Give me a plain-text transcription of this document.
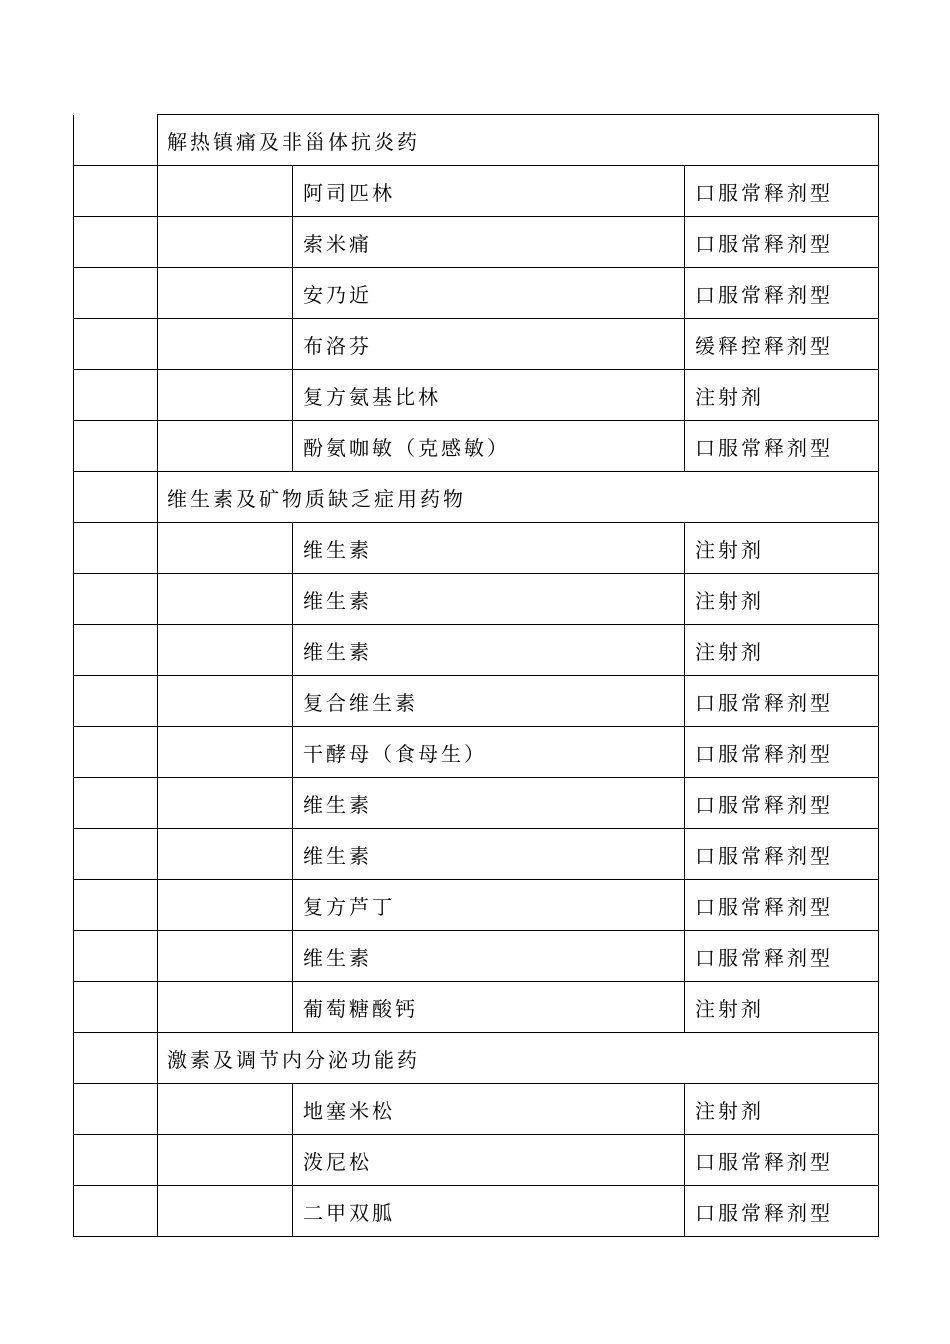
	解热镇痛及非甾体抗炎药		
		阿司匹林	口服常释剂型
		索米痛	口服常释剂型
		安乃近	口服常释剂型
		布洛芬	缓释控释剂型
		复方氨基比林	注射剂
		酚氨咖敏（克感敏）	口服常释剂型
	维生素及矿物质缺乏症用药物		
		维生素	注射剂
		维生素	注射剂
		维生素	注射剂
		复合维生素	口服常释剂型
		干酵母（食母生）	口服常释剂型
		维生素	口服常释剂型
		维生素	口服常释剂型
		复方芦丁	口服常释剂型
		维生素	口服常释剂型
		葡萄糖酸钙	注射剂
	激素及调节内分泌功能药		
		地塞米松	注射剂
		泼尼松	口服常释剂型
		二甲双胍	口服常释剂型
